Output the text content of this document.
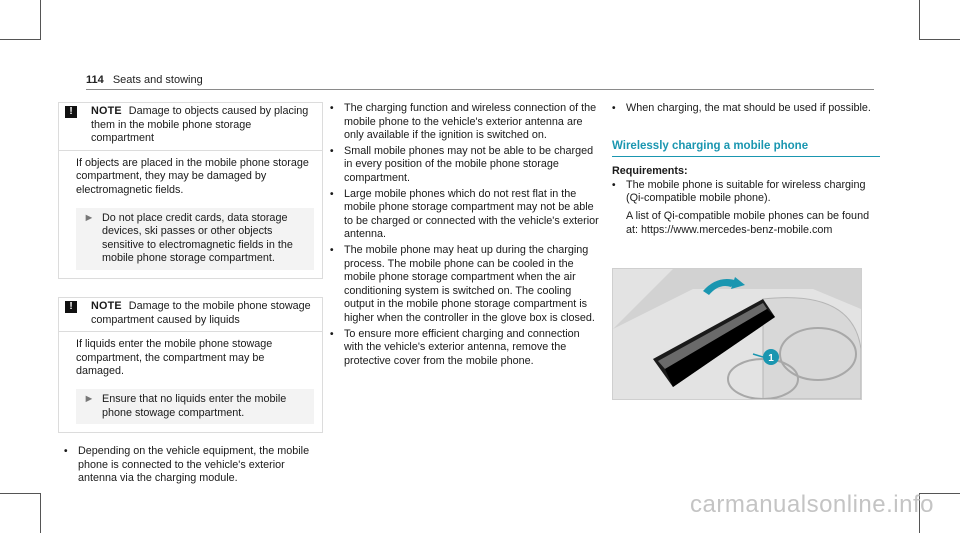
114 Seats and stowing
!	NOTE Damage to objects caused by placing them in the mobile phone storage compartment

If objects are placed in the mobile phone storage compartment, they may be damaged by electromagnetic fields.

► Do not place credit cards, data storage devices, ski passes or other objects sensitive to electromagnetic fields in the mobile phone storage compartment.
!	NOTE Damage to the mobile phone stowage compartment caused by liquids

If liquids enter the mobile phone stowage compartment, the compartment may be damaged.

► Ensure that no liquids enter the mobile phone stowage compartment.
• Depending on the vehicle equipment, the mobile phone is connected to the vehicle's exterior antenna via the charging module.
• The charging function and wireless connection of the mobile phone to the vehicle's exterior antenna are only available if the ignition is switched on.
• Small mobile phones may not be able to be charged in every position of the mobile phone storage compartment.
• Large mobile phones which do not rest flat in the mobile phone storage compartment may not be able to be charged or connected with the vehicle's exterior antenna.
• The mobile phone may heat up during the charging process. The mobile phone can be cooled in the mobile phone storage compartment when the air conditioning system is switched on. The cooling output in the mobile phone storage compartment is higher when the controller in the glove box is closed.
• To ensure more efficient charging and connection with the vehicle's exterior antenna, remove the protective cover from the mobile phone.
• When charging, the mat should be used if possible.
Wirelessly charging a mobile phone
Requirements:
• The mobile phone is suitable for wireless charging (Qi-compatible mobile phone).
A list of Qi-compatible mobile phones can be found at: https://www.mercedes-benz-mobile.com
1
carmanualsonline.info
